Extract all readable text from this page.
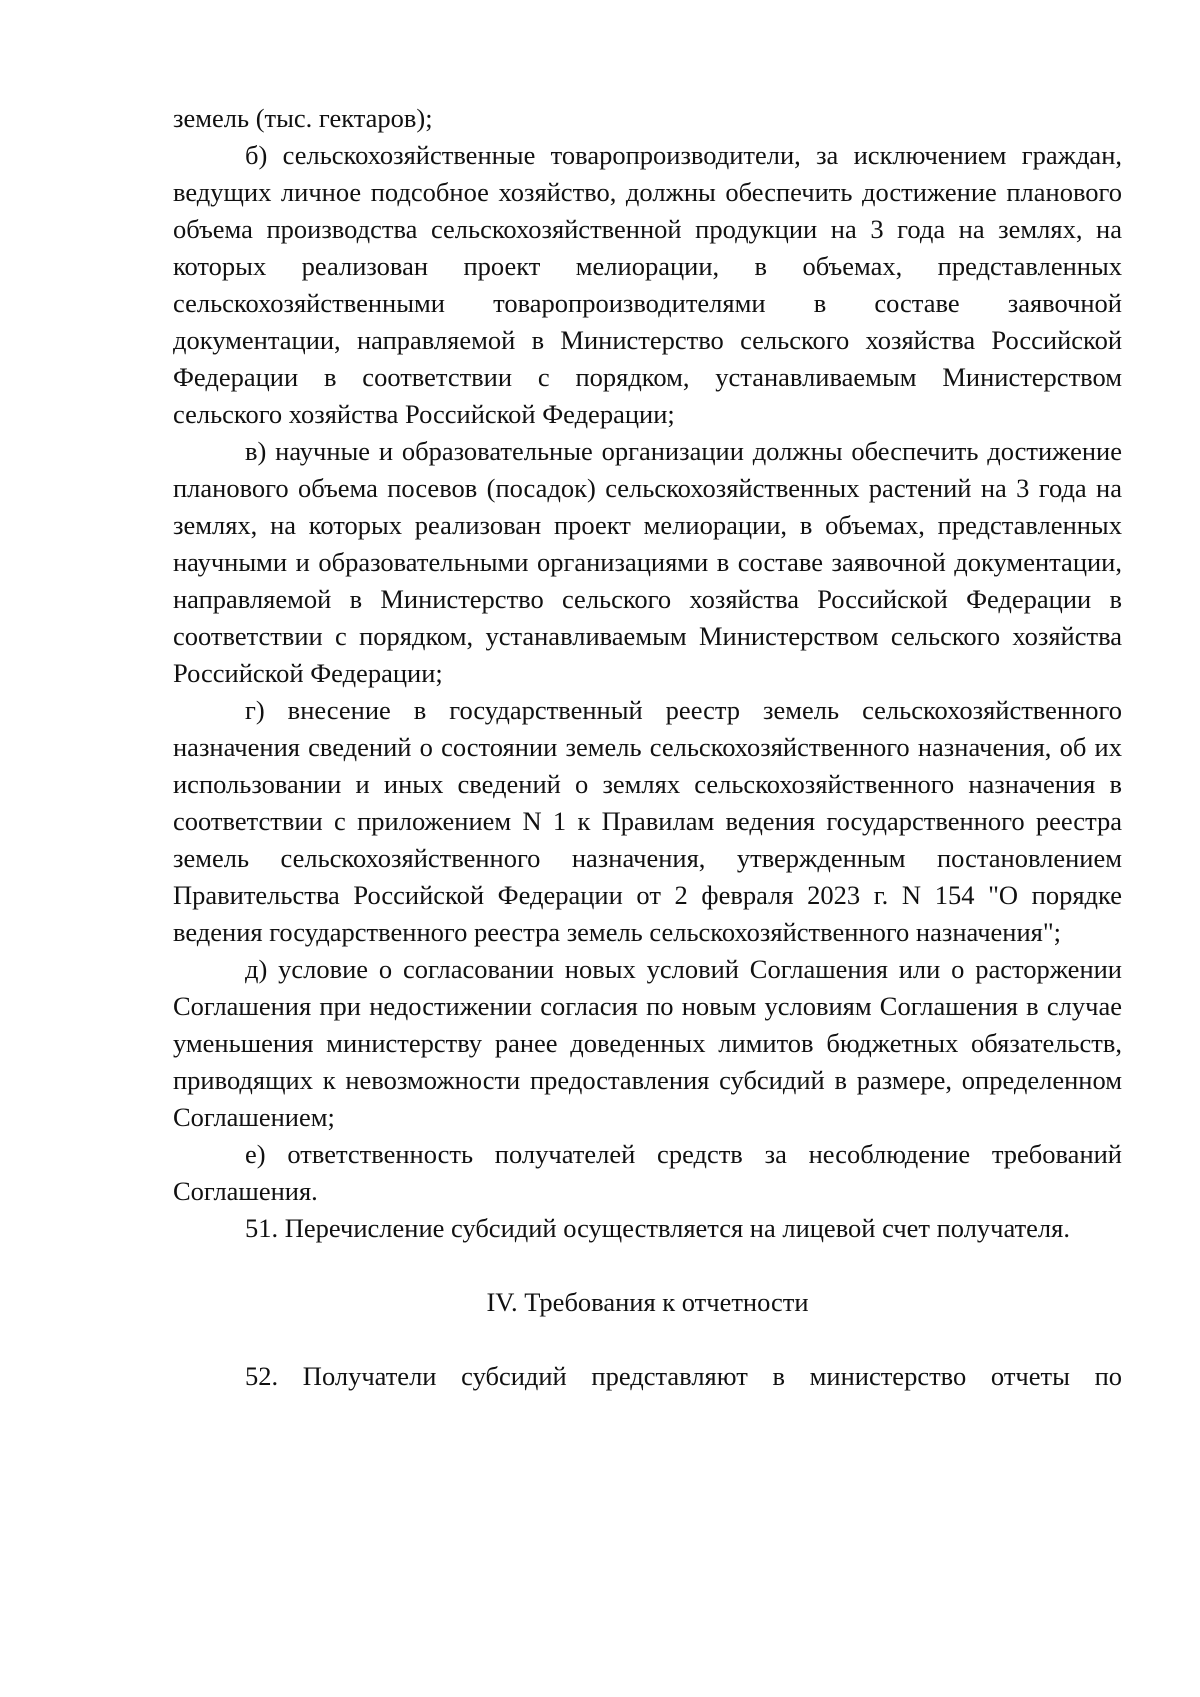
земель (тыс. гектаров);

б) сельскохозяйственные товаропроизводители, за исключением граждан, ведущих личное подсобное хозяйство, должны обеспечить достижение планового объема производства сельскохозяйственной продукции на 3 года на землях, на которых реализован проект мелиорации, в объемах, представленных сельскохозяйственными товаропроизводителями в составе заявочной документации, направляемой в Министерство сельского хозяйства Российской Федерации в соответствии с порядком, устанавливаемым Министерством сельского хозяйства Российской Федерации;

в) научные и образовательные организации должны обеспечить достижение планового объема посевов (посадок) сельскохозяйственных растений на 3 года на землях, на которых реализован проект мелиорации, в объемах, представленных научными и образовательными организациями в составе заявочной документации, направляемой в Министерство сельского хозяйства Российской Федерации в соответствии с порядком, устанавливаемым Министерством сельского хозяйства Российской Федерации;

г) внесение в государственный реестр земель сельскохозяйственного назначения сведений о состоянии земель сельскохозяйственного назначения, об их использовании и иных сведений о землях сельскохозяйственного назначения в соответствии с приложением N 1 к Правилам ведения государственного реестра земель сельскохозяйственного назначения, утвержденным постановлением Правительства Российской Федерации от 2 февраля 2023 г. N 154 "О порядке ведения государственного реестра земель сельскохозяйственного назначения";

д) условие о согласовании новых условий Соглашения или о расторжении Соглашения при недостижении согласия по новым условиям Соглашения в случае уменьшения министерству ранее доведенных лимитов бюджетных обязательств, приводящих к невозможности предоставления субсидий в размере, определенном Соглашением;

е) ответственность получателей средств за несоблюдение требований Соглашения.

51. Перечисление субсидий осуществляется на лицевой счет получателя.

IV. Требования к отчетности

52. Получатели субсидий представляют в министерство отчеты по
